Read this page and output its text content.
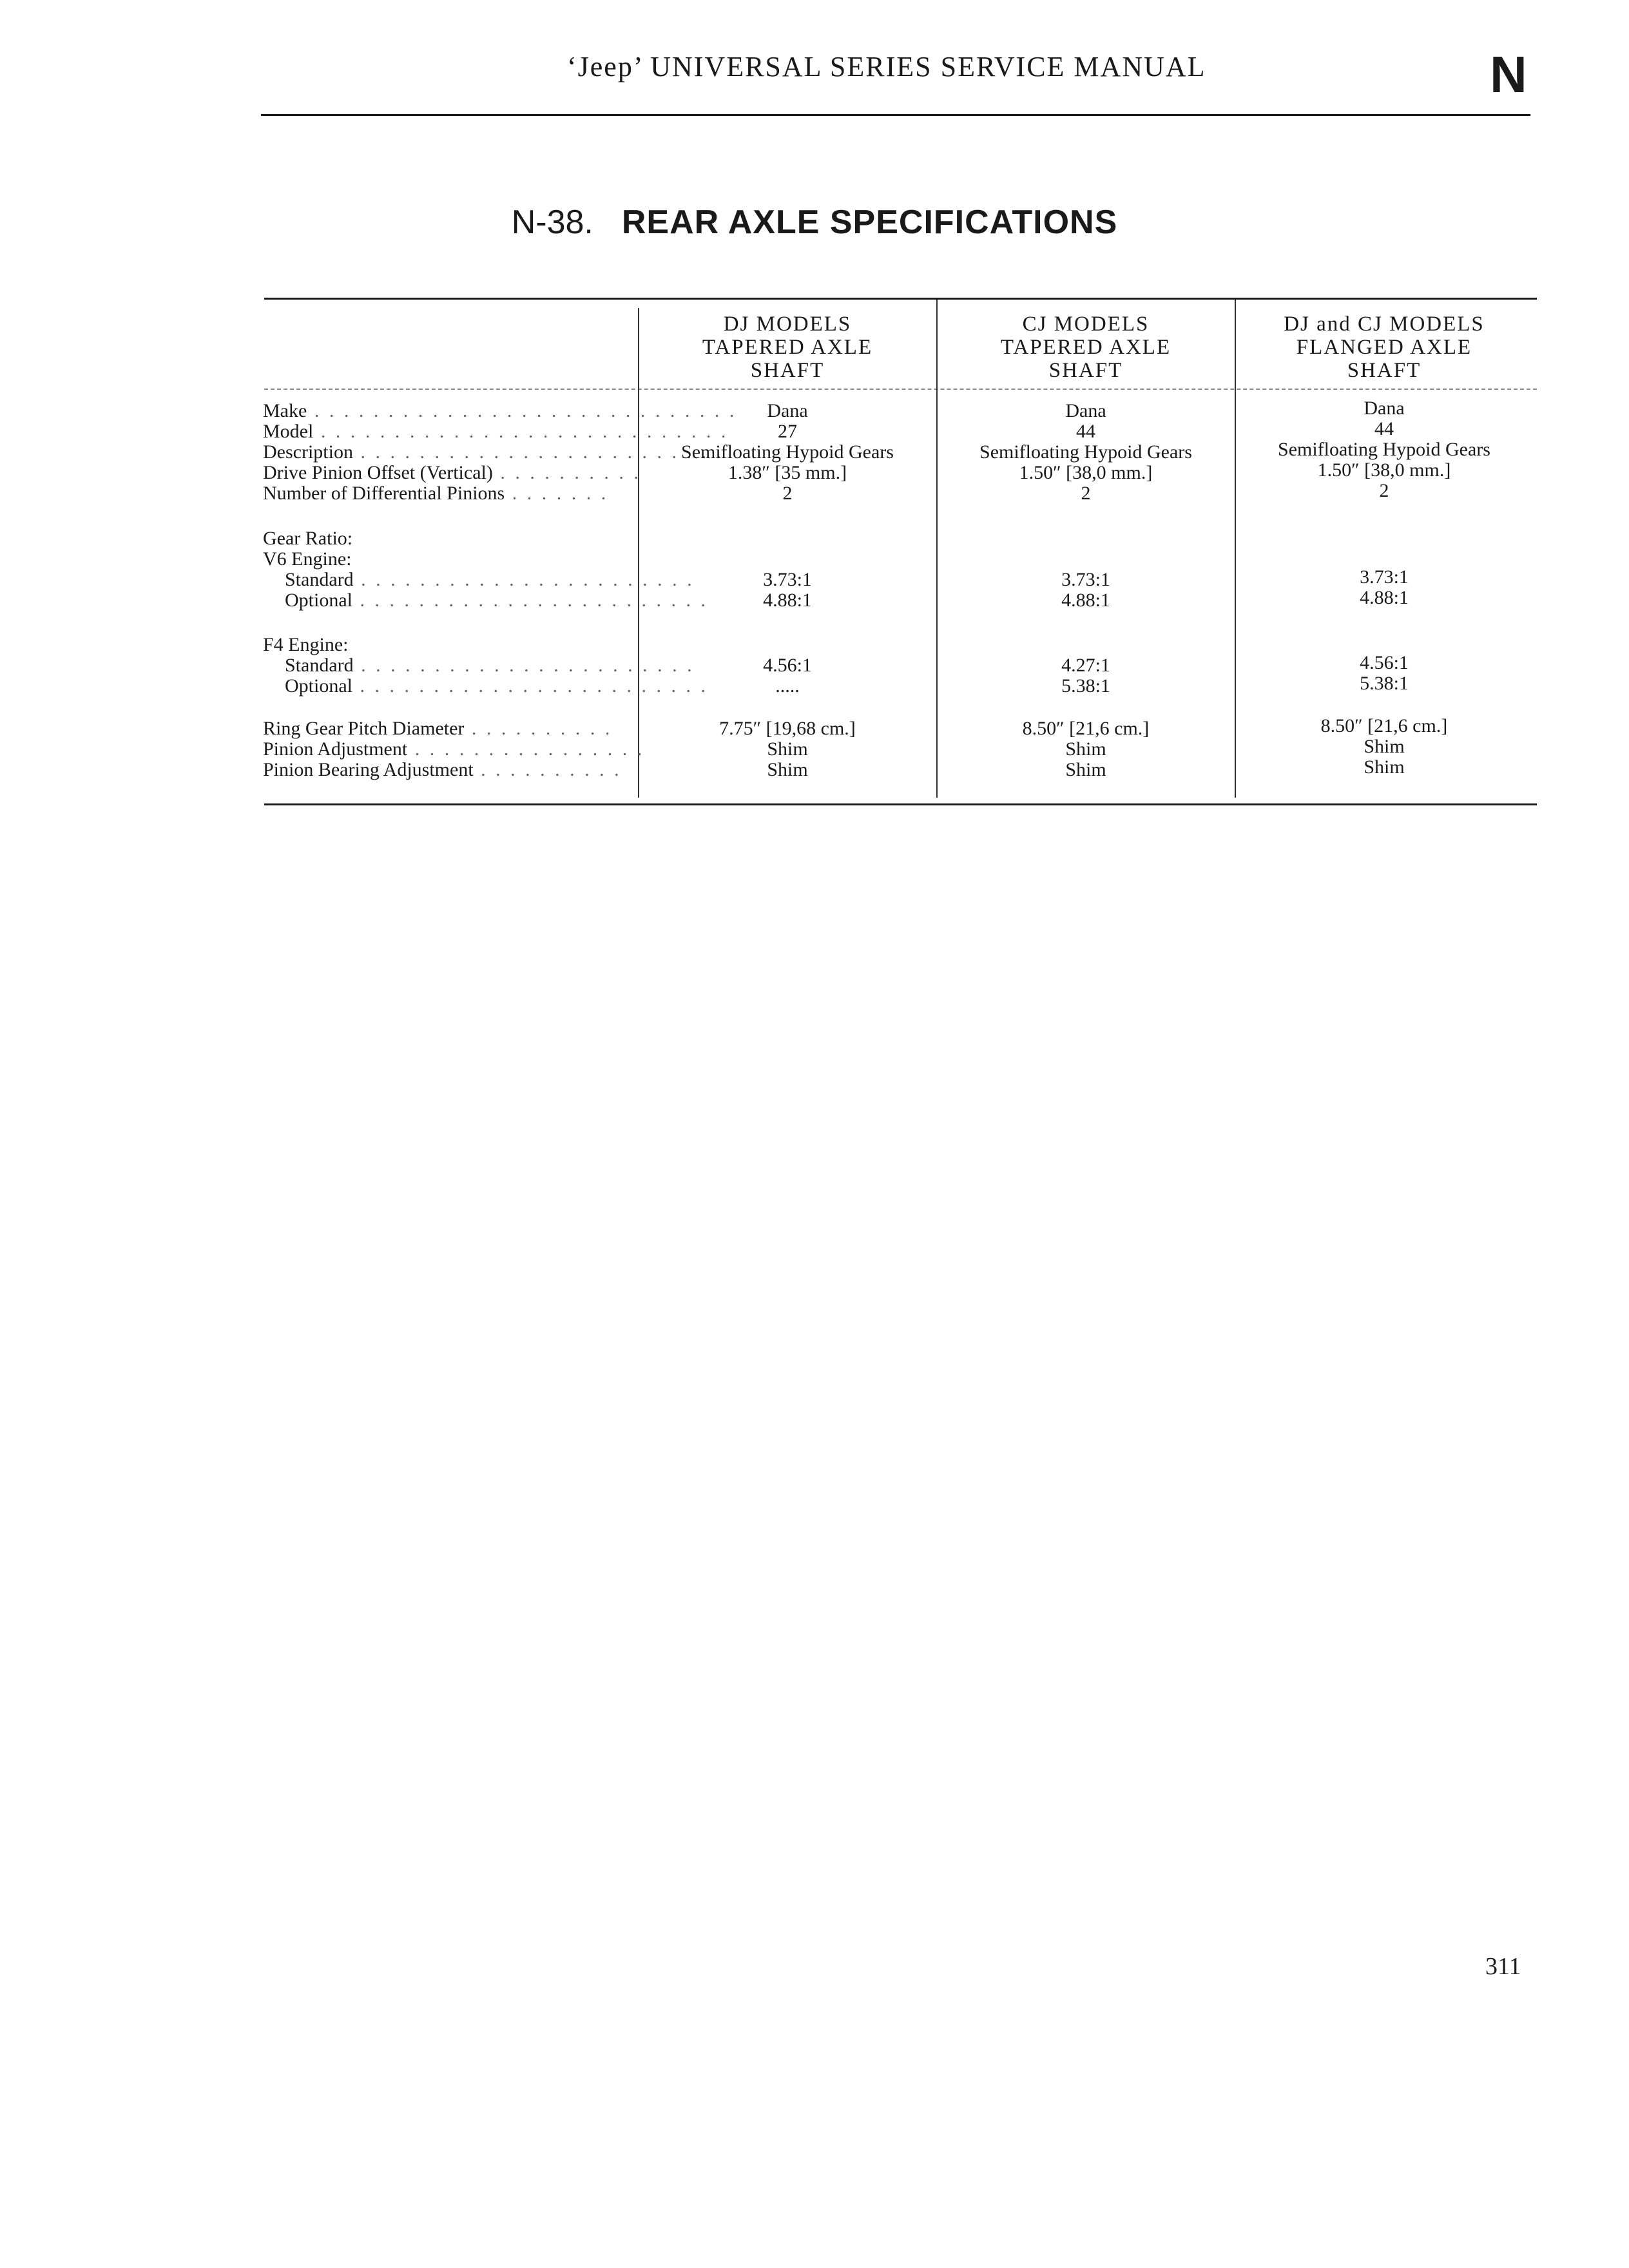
‘Jeep’ UNIVERSAL SERIES SERVICE MANUAL	N
N-38. REAR AXLE SPECIFICATIONS
DJ MODELS
TAPERED AXLE
SHAFT
CJ MODELS
TAPERED AXLE
SHAFT
DJ and CJ MODELS
FLANGED AXLE
SHAFT
Make . . . . . . . . . . . . . . . . . . . . . . . . . . . . .
Model . . . . . . . . . . . . . . . . . . . . . . . . . . . .
Description . . . . . . . . . . . . . . . . . . . . . . . . .
Drive Pinion Offset (Vertical) . . . . . . . . . .
Number of Differential Pinions . . . . . . .
Gear Ratio:
V6 Engine:
Standard . . . . . . . . . . . . . . . . . . . . . . .
Optional . . . . . . . . . . . . . . . . . . . . . . . .
F4 Engine:
Standard . . . . . . . . . . . . . . . . . . . . . . .
Optional . . . . . . . . . . . . . . . . . . . . . . . .
Ring Gear Pitch Diameter . . . . . . . . . .
Pinion Adjustment . . . . . . . . . . . . . . . .
Pinion Bearing Adjustment . . . . . . . . . .
Dana
27
Semifloating Hypoid Gears
1.38″ [35 mm.]
2
3.73:1
4.88:1
4.56:1
.....
7.75″ [19,68 cm.]
Shim
Shim
Dana
44
Semifloating Hypoid Gears
1.50″ [38,0 mm.]
2
3.73:1
4.88:1
4.27:1
5.38:1
8.50″ [21,6 cm.]
Shim
Shim
Dana
44
Semifloating Hypoid Gears
1.50″ [38,0 mm.]
2
3.73:1
4.88:1
4.56:1
5.38:1
8.50″ [21,6 cm.]
Shim
Shim
311
